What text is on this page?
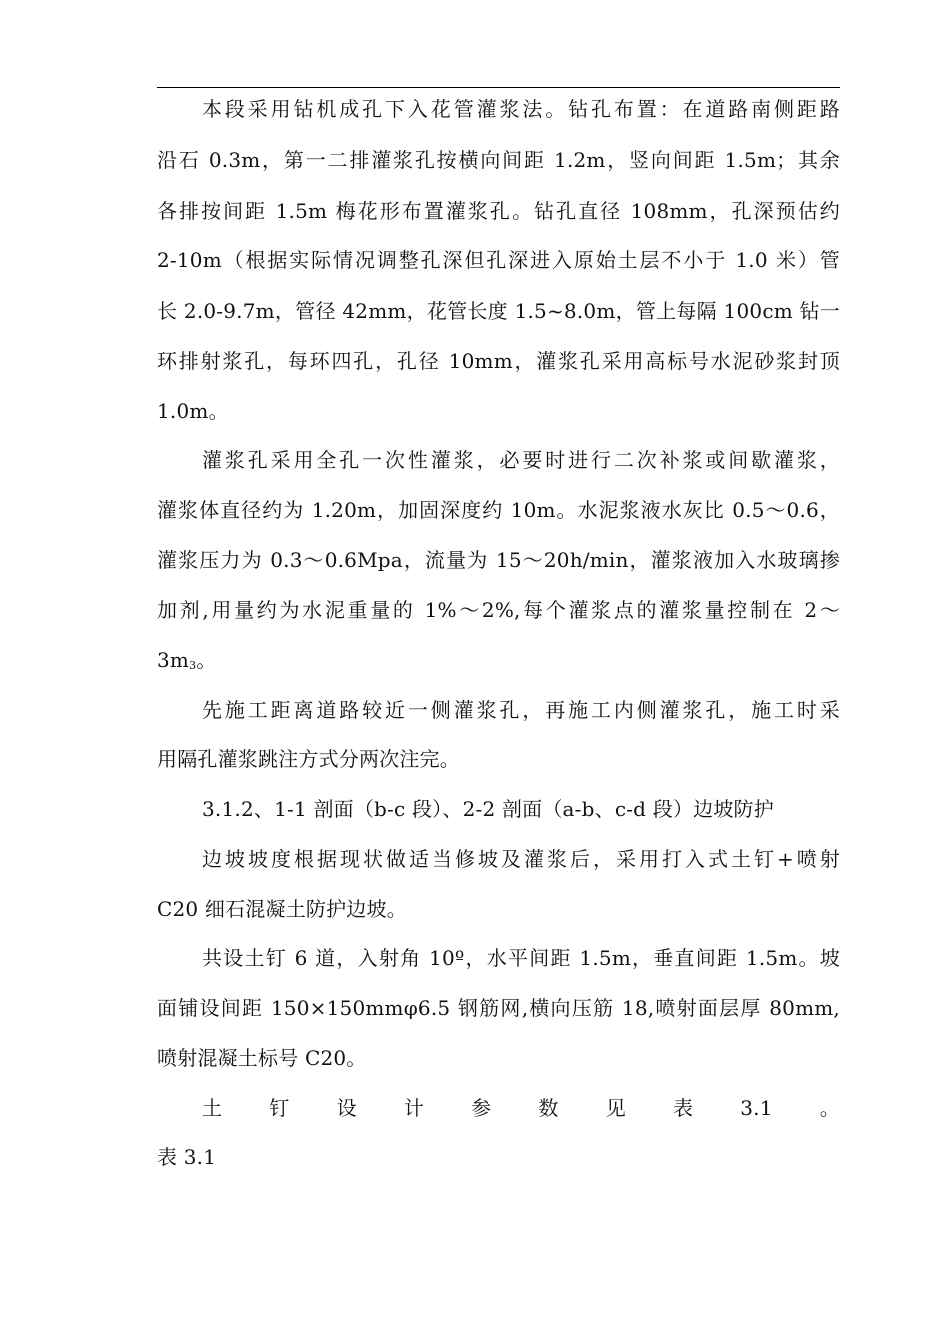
本段采用钻机成孔下入花管灌浆法。钻孔布置：在道路南侧距路
沿石 0.3m，第一二排灌浆孔按横向间距 1.2m，竖向间距 1.5m；其余
各排按间距 1.5m 梅花形布置灌浆孔。钻孔直径 108mm，孔深预估约
2-10m（根据实际情况调整孔深但孔深进入原始土层不小于 1.0 米）管
长 2.0-9.7m，管径 42mm，花管长度 1.5~8.0m，管上每隔 100cm 钻一
环排射浆孔，每环四孔，孔径 10mm，灌浆孔采用高标号水泥砂浆封顶
1.0m。
灌浆孔采用全孔一次性灌浆，必要时进行二次补浆或间歇灌浆，
灌浆体直径约为 1.20m，加固深度约 10m。水泥浆液水灰比 0.5～0.6，
灌浆压力为 0.3～0.6Mpa，流量为 15～20h/min，灌浆液加入水玻璃掺
加剂,用量约为水泥重量的 1%～2%,每个灌浆点的灌浆量控制在 2～
$3m_3$。
先施工距离道路较近一侧灌浆孔，再施工内侧灌浆孔，施工时采
用隔孔灌浆跳注方式分两次注完。
3.1.2、1-1 剖面（b-c 段）、2-2 剖面（a-b、c-d 段）边坡防护
边坡坡度根据现状做适当修坡及灌浆后，采用打入式土钉+喷射
C20 细石混凝土防护边坡。
共设土钉 6 道，入射角 10º，水平间距 1.5m，垂直间距 1.5m。坡
面铺设间距 150×150mmφ6.5 钢筋网,横向压筋 18,喷射面层厚 80mm,
喷射混凝土标号 C20。
土 钉 设 计 参 数 见 表 3.1 。
表 3.1
